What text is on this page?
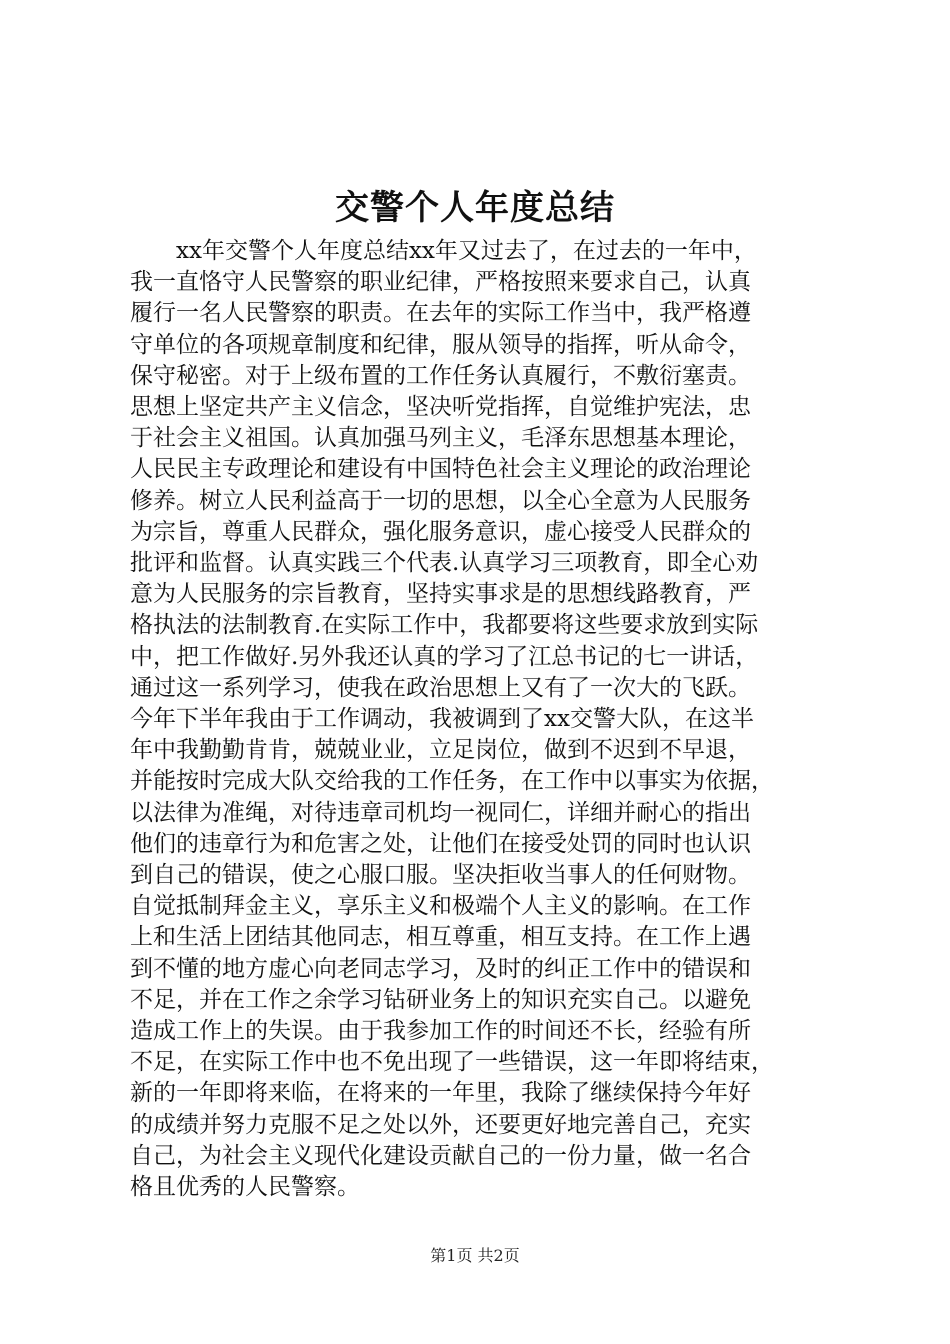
交警个人年度总结
　　xx年交警个人年度总结xx年又过去了，在过去的一年中，
我一直恪守人民警察的职业纪律，严格按照来要求自己，认真
履行一名人民警察的职责。在去年的实际工作当中，我严格遵
守单位的各项规章制度和纪律，服从领导的指挥，听从命令，
保守秘密。对于上级布置的工作任务认真履行，不敷衍塞责。
思想上坚定共产主义信念，坚决听党指挥，自觉维护宪法，忠
于社会主义祖国。认真加强马列主义，毛泽东思想基本理论，
人民民主专政理论和建设有中国特色社会主义理论的政治理论
修养。树立人民利益高于一切的思想，以全心全意为人民服务
为宗旨，尊重人民群众，强化服务意识，虚心接受人民群众的
批评和监督。认真实践三个代表.认真学习三项教育，即全心劝
意为人民服务的宗旨教育，坚持实事求是的思想线路教育，严
格执法的法制教育.在实际工作中，我都要将这些要求放到实际
中，把工作做好.另外我还认真的学习了江总书记的七一讲话，
通过这一系列学习，使我在政治思想上又有了一次大的飞跃。
今年下半年我由于工作调动，我被调到了xx交警大队，在这半
年中我勤勤肯肯，兢兢业业，立足岗位，做到不迟到不早退，
并能按时完成大队交给我的工作任务，在工作中以事实为依据，
以法律为准绳，对待违章司机均一视同仁，详细并耐心的指出
他们的违章行为和危害之处，让他们在接受处罚的同时也认识
到自己的错误，使之心服口服。坚决拒收当事人的任何财物。
自觉抵制拜金主义，享乐主义和极端个人主义的影响。在工作
上和生活上团结其他同志，相互尊重，相互支持。在工作上遇
到不懂的地方虚心向老同志学习，及时的纠正工作中的错误和
不足，并在工作之余学习钻研业务上的知识充实自己。以避免
造成工作上的失误。由于我参加工作的时间还不长，经验有所
不足，在实际工作中也不免出现了一些错误，这一年即将结束，
新的一年即将来临，在将来的一年里，我除了继续保持今年好
的成绩并努力克服不足之处以外，还要更好地完善自己，充实
自己，为社会主义现代化建设贡献自己的一份力量，做一名合
格且优秀的人民警察。
第1页 共2页
